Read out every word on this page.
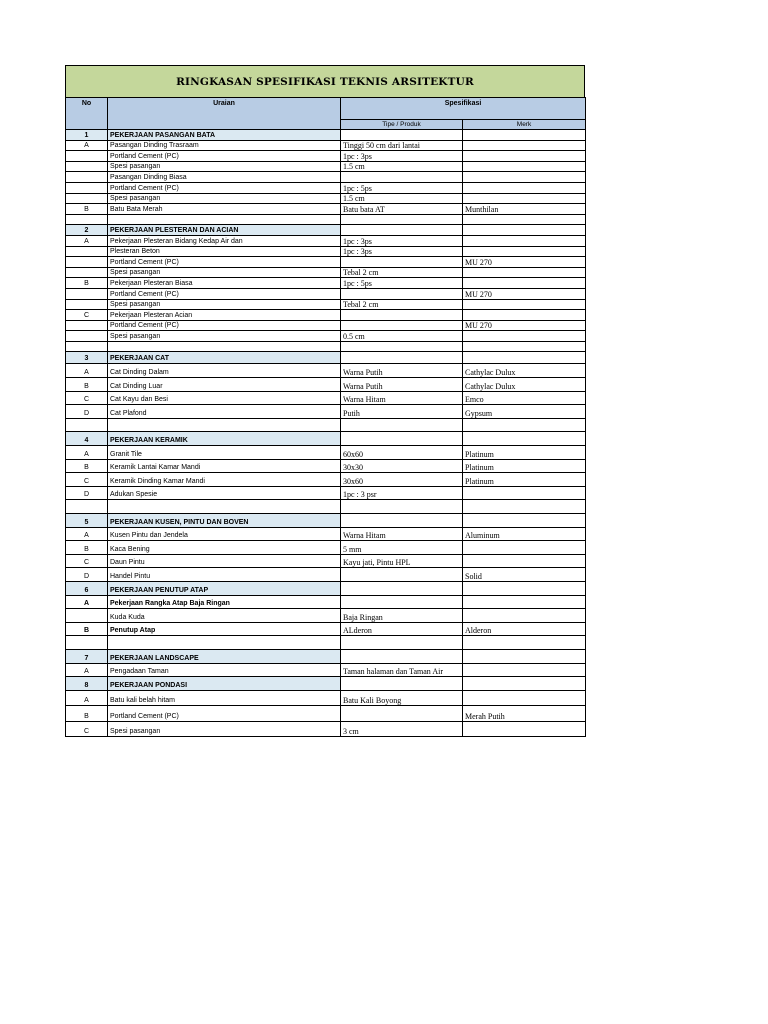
RINGKASAN SPESIFIKASI TEKNIS ARSITEKTUR
No	Uraian	Spesifikasi	
		Tipe / Produk	Merk
1	PEKERJAAN PASANGAN BATA		
A	Pasangan Dinding Trasraam	Tinggi 50 cm dari lantai	
	Portland Cement (PC)	1pc : 3ps	
	Spesi pasangan	1.5 cm	
	Pasangan Dinding Biasa		
	Portland Cement (PC)	1pc : 5ps	
	Spesi pasangan	1.5 cm	
B	Batu Bata Merah	Batu bata AT	Munthilan

2	PEKERJAAN PLESTERAN DAN ACIAN		
A	Pekerjaan Plesteran Bidang Kedap Air dan	1pc : 3ps	
	Plesteran Beton	1pc : 3ps	
	Portland Cement (PC)		MU 270
	Spesi pasangan	Tebal 2 cm	
B	Pekerjaan Plesteran Biasa	1pc : 5ps	
	Portland Cement (PC)		MU 270
	Spesi pasangan	Tebal 2 cm	
C	Pekerjaan Plesteran Acian		
	Portland Cement (PC)		MU 270
	Spesi pasangan	0.5 cm	

3	PEKERJAAN CAT		
A	Cat Dinding Dalam	Warna Putih	Cathylac Dulux
B	Cat Dinding Luar	Warna Putih	Cathylac Dulux
C	Cat Kayu dan Besi	Warna Hitam	Emco
D	Cat Plafond	Putih	Gypsum

4	PEKERJAAN KERAMIK		
A	Granit Tile	60x60	Platinum
B	Keramik Lantai Kamar Mandi	30x30	Platinum
C	Keramik Dinding Kamar Mandi	30x60	Platinum
D	Adukan Spesie	1pc : 3 psr	

5	PEKERJAAN KUSEN, PINTU DAN BOVEN		
A	Kusen Pintu dan Jendela	Warna Hitam	Aluminum
B	Kaca Bening	5 mm	
C	Daun Pintu	Kayu jati, Pintu HPL	
D	Handel Pintu		Solid
6	PEKERJAAN PENUTUP ATAP		
A	Pekerjaan Rangka Atap Baja Ringan		
	Kuda Kuda	Baja Ringan	
B	Penutup Atap	ALderon	Alderon

7	PEKERJAAN LANDSCAPE		
A	Pengadaan Taman	Taman halaman dan Taman Air	
8	PEKERJAAN PONDASI		
A	Batu kali belah hitam	Batu Kali Boyong	
B	Portland Cement (PC)		Merah Putih
C	Spesi pasangan	3 cm	
